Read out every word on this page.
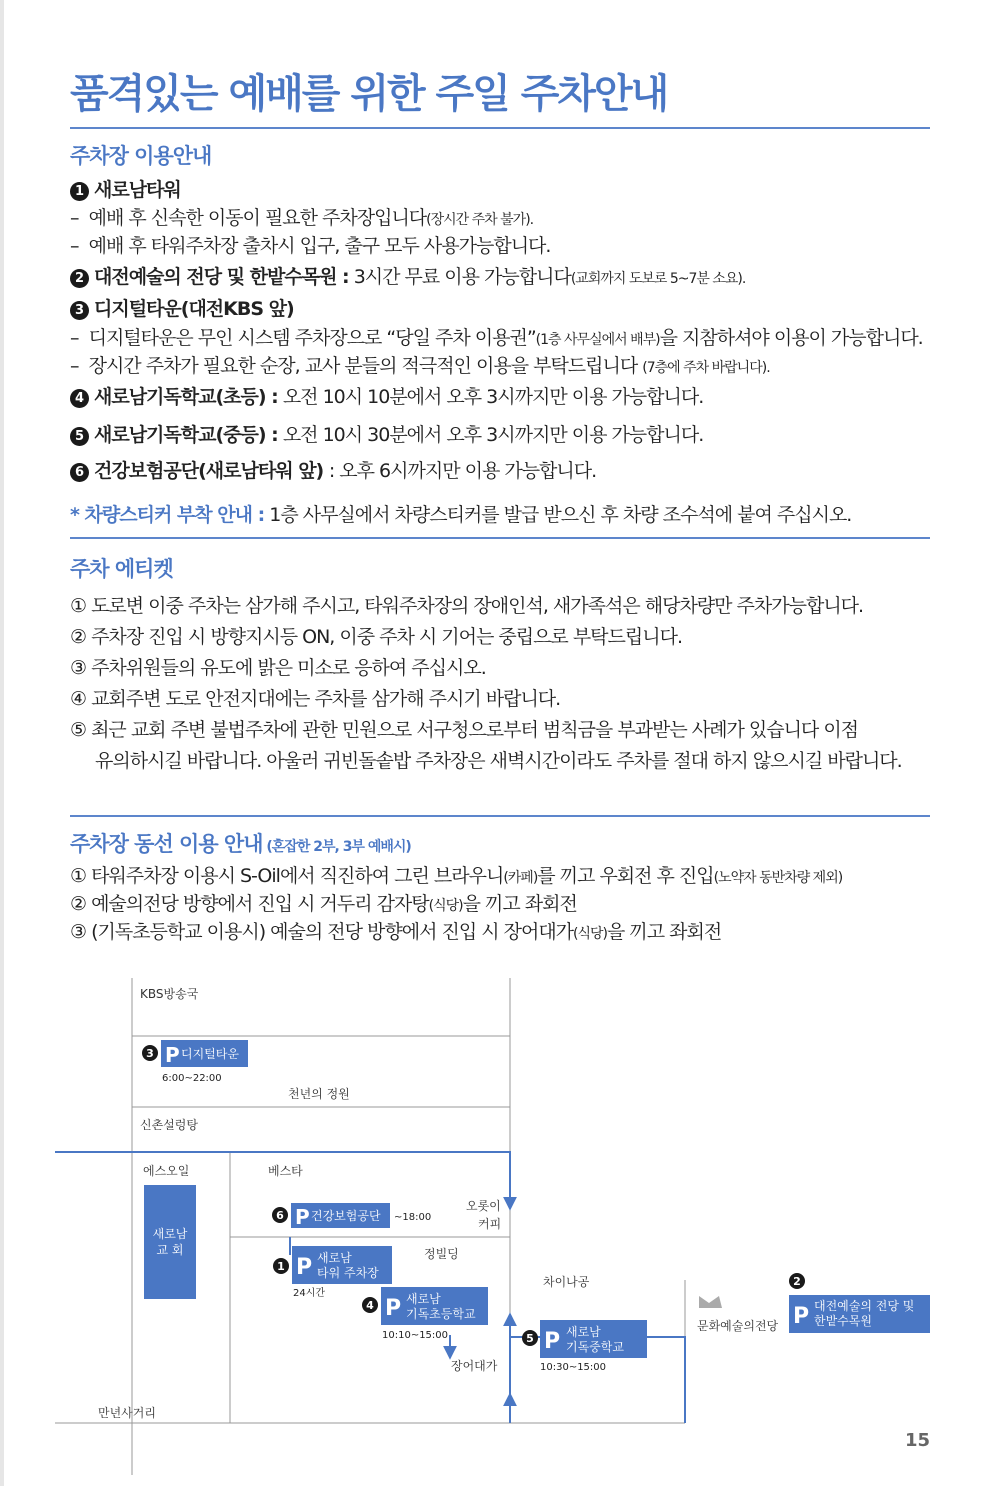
품격있는 예배를 위한 주일 주차안내
주차장 이용안내
1 새로남타워
– 예배 후 신속한 이동이 필요한 주차장입니다(장시간 주차 불가).
– 예배 후 타워주차장 출차시 입구, 출구 모두 사용가능합니다.
2 대전예술의 전당 및 한밭수목원 : 3시간 무료 이용 가능합니다(교회까지 도보로 5~7분 소요).
3 디지털타운(대전KBS 앞)
– 디지털타운은 무인 시스템 주차장으로 “당일 주차 이용권”(1층 사무실에서 배부)을 지참하셔야 이용이 가능합니다.
– 장시간 주차가 필요한 순장, 교사 분들의 적극적인 이용을 부탁드립니다 (7층에 주차 바랍니다).
4 새로남기독학교(초등) : 오전 10시 10분에서 오후 3시까지만 이용 가능합니다.
5 새로남기독학교(중등) : 오전 10시 30분에서 오후 3시까지만 이용 가능합니다.
6 건강보험공단(새로남타워 앞) : 오후 6시까지만 이용 가능합니다.
* 차량스티커 부착 안내 : 1층 사무실에서 차량스티커를 발급 받으신 후 차량 조수석에 붙여 주십시오.
주차 에티켓
① 도로변 이중 주차는 삼가해 주시고, 타워주차장의 장애인석, 새가족석은 해당차량만 주차가능합니다.
② 주차장 진입 시 방향지시등 ON, 이중 주차 시 기어는 중립으로 부탁드립니다.
③ 주차위원들의 유도에 밝은 미소로 응하여 주십시오.
④ 교회주변 도로 안전지대에는 주차를 삼가해 주시기 바랍니다.
⑤ 최근 교회 주변 불법주차에 관한 민원으로 서구청으로부터 범칙금을 부과받는 사례가 있습니다 이점
유의하시길 바랍니다. 아울러 귀빈돌솥밥 주차장은 새벽시간이라도 주차를 절대 하지 않으시길 바랍니다.
주차장 동선 이용 안내 (혼잡한 2부, 3부 예배시)
① 타워주차장 이용시 S-Oil에서 직진하여 그린 브라우니(카페)를 끼고 우회전 후 진입(노약자 동반차량 제외)
② 예술의전당 방향에서 진입 시 거두리 감자탕(식당)을 끼고 좌회전
③ (기독초등학교 이용시) 예술의 전당 방향에서 진입 시 장어대가(식당)을 끼고 좌회전
KBS방송국
천년의 정원
신촌설렁탕
에스오일	베스타
오롯이
커피
정빌딩
차이나공
문화예술의전당
장어대가
만년사거리
새로남
교 회
3 P 디지털타운
6:00~22:00
6 P 건강보험공단 ~18:00
1 P 새로남
타워 주차장
24시간
4 P 새로남
기독초등학교
10:10~15:00	5 P 새로남
기독중학교
10:30~15:00
2
P 대전예술의 전당 및
한밭수목원
15
